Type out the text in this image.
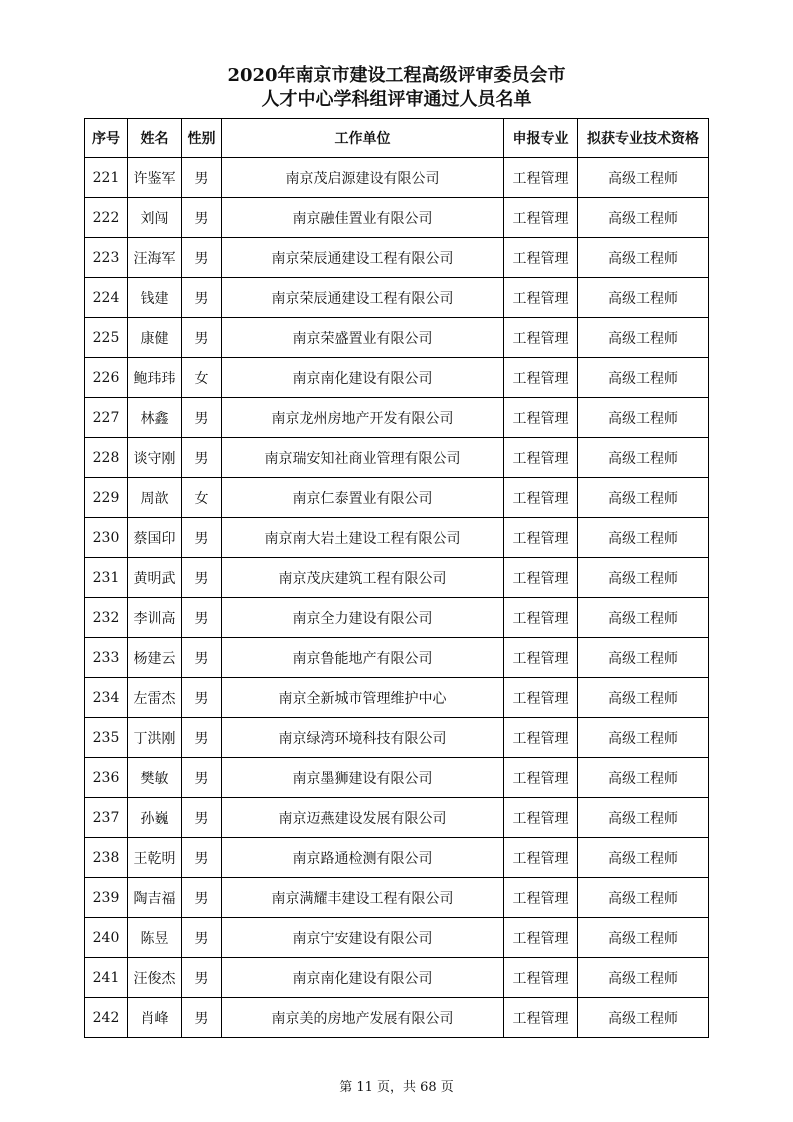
2020年南京市建设工程高级评审委员会市
人才中心学科组评审通过人员名单
序号	姓名	性别	工作单位	申报专业	拟获专业技术资格
221	许鉴军	男	南京茂启源建设有限公司	工程管理	高级工程师
222	刘闯	男	南京融佳置业有限公司	工程管理	高级工程师
223	汪海军	男	南京荣辰通建设工程有限公司	工程管理	高级工程师
224	钱建	男	南京荣辰通建设工程有限公司	工程管理	高级工程师
225	康健	男	南京荣盛置业有限公司	工程管理	高级工程师
226	鲍玮玮	女	南京南化建设有限公司	工程管理	高级工程师
227	林鑫	男	南京龙州房地产开发有限公司	工程管理	高级工程师
228	谈守刚	男	南京瑞安知社商业管理有限公司	工程管理	高级工程师
229	周歆	女	南京仁泰置业有限公司	工程管理	高级工程师
230	蔡国印	男	南京南大岩土建设工程有限公司	工程管理	高级工程师
231	黄明武	男	南京茂庆建筑工程有限公司	工程管理	高级工程师
232	李训高	男	南京全力建设有限公司	工程管理	高级工程师
233	杨建云	男	南京鲁能地产有限公司	工程管理	高级工程师
234	左雷杰	男	南京全新城市管理维护中心	工程管理	高级工程师
235	丁洪刚	男	南京绿湾环境科技有限公司	工程管理	高级工程师
236	樊敏	男	南京墨狮建设有限公司	工程管理	高级工程师
237	孙巍	男	南京迈燕建设发展有限公司	工程管理	高级工程师
238	王乾明	男	南京路通检测有限公司	工程管理	高级工程师
239	陶吉福	男	南京满耀丰建设工程有限公司	工程管理	高级工程师
240	陈昱	男	南京宁安建设有限公司	工程管理	高级工程师
241	汪俊杰	男	南京南化建设有限公司	工程管理	高级工程师
242	肖峰	男	南京美的房地产发展有限公司	工程管理	高级工程师
第 11 页，共 68 页
